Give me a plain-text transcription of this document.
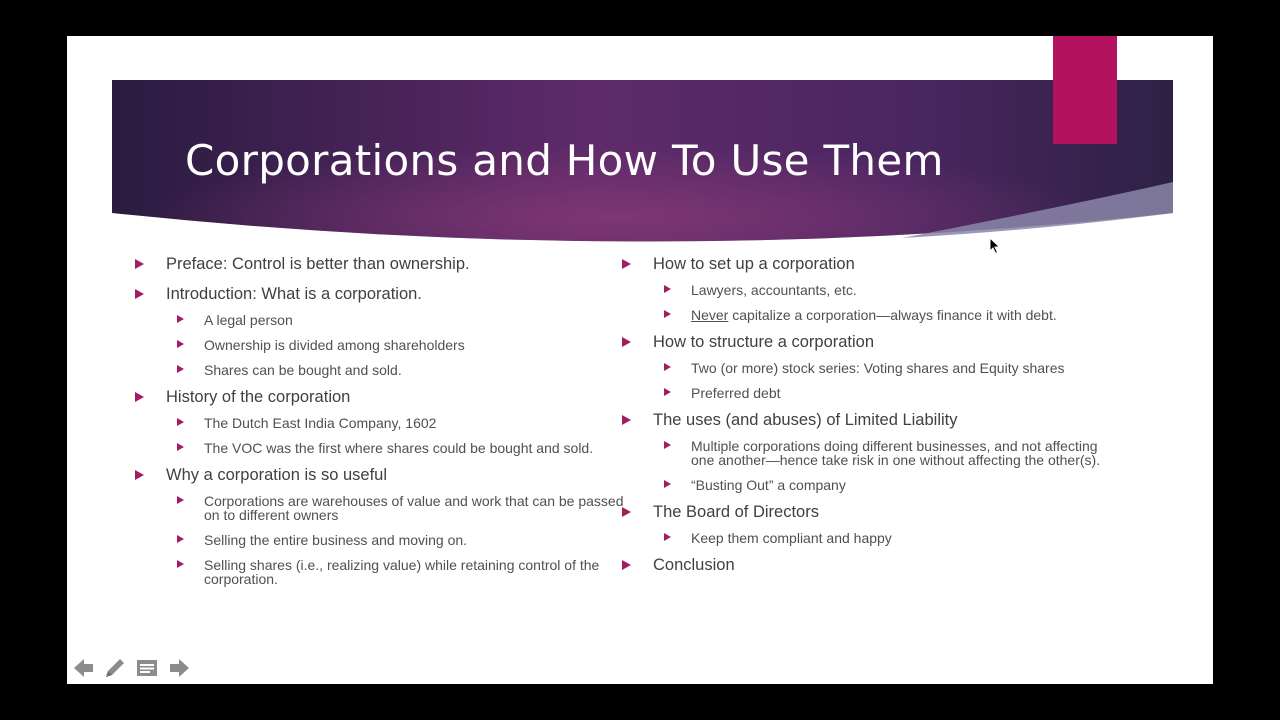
Corporations and How To Use Them
Preface: Control is better than ownership.
Introduction: What is a corporation.
A legal person
Ownership is divided among shareholders
Shares can be bought and sold.
History of the corporation
The Dutch East India Company, 1602
The VOC was the first where shares could be bought and sold.
Why a corporation is so useful
Corporations are warehouses of value and work that can be passed on to different owners
Selling the entire business and moving on.
Selling shares (i.e., realizing value) while retaining control of the corporation.
How to set up a corporation
Lawyers, accountants, etc.
Never capitalize a corporation—always finance it with debt.
How to structure a corporation
Two (or more) stock series: Voting shares and Equity shares
Preferred debt
The uses (and abuses) of Limited Liability
Multiple corporations doing different businesses, and not affecting one another—hence take risk in one without affecting the other(s).
“Busting Out” a company
The Board of Directors
Keep them compliant and happy
Conclusion
